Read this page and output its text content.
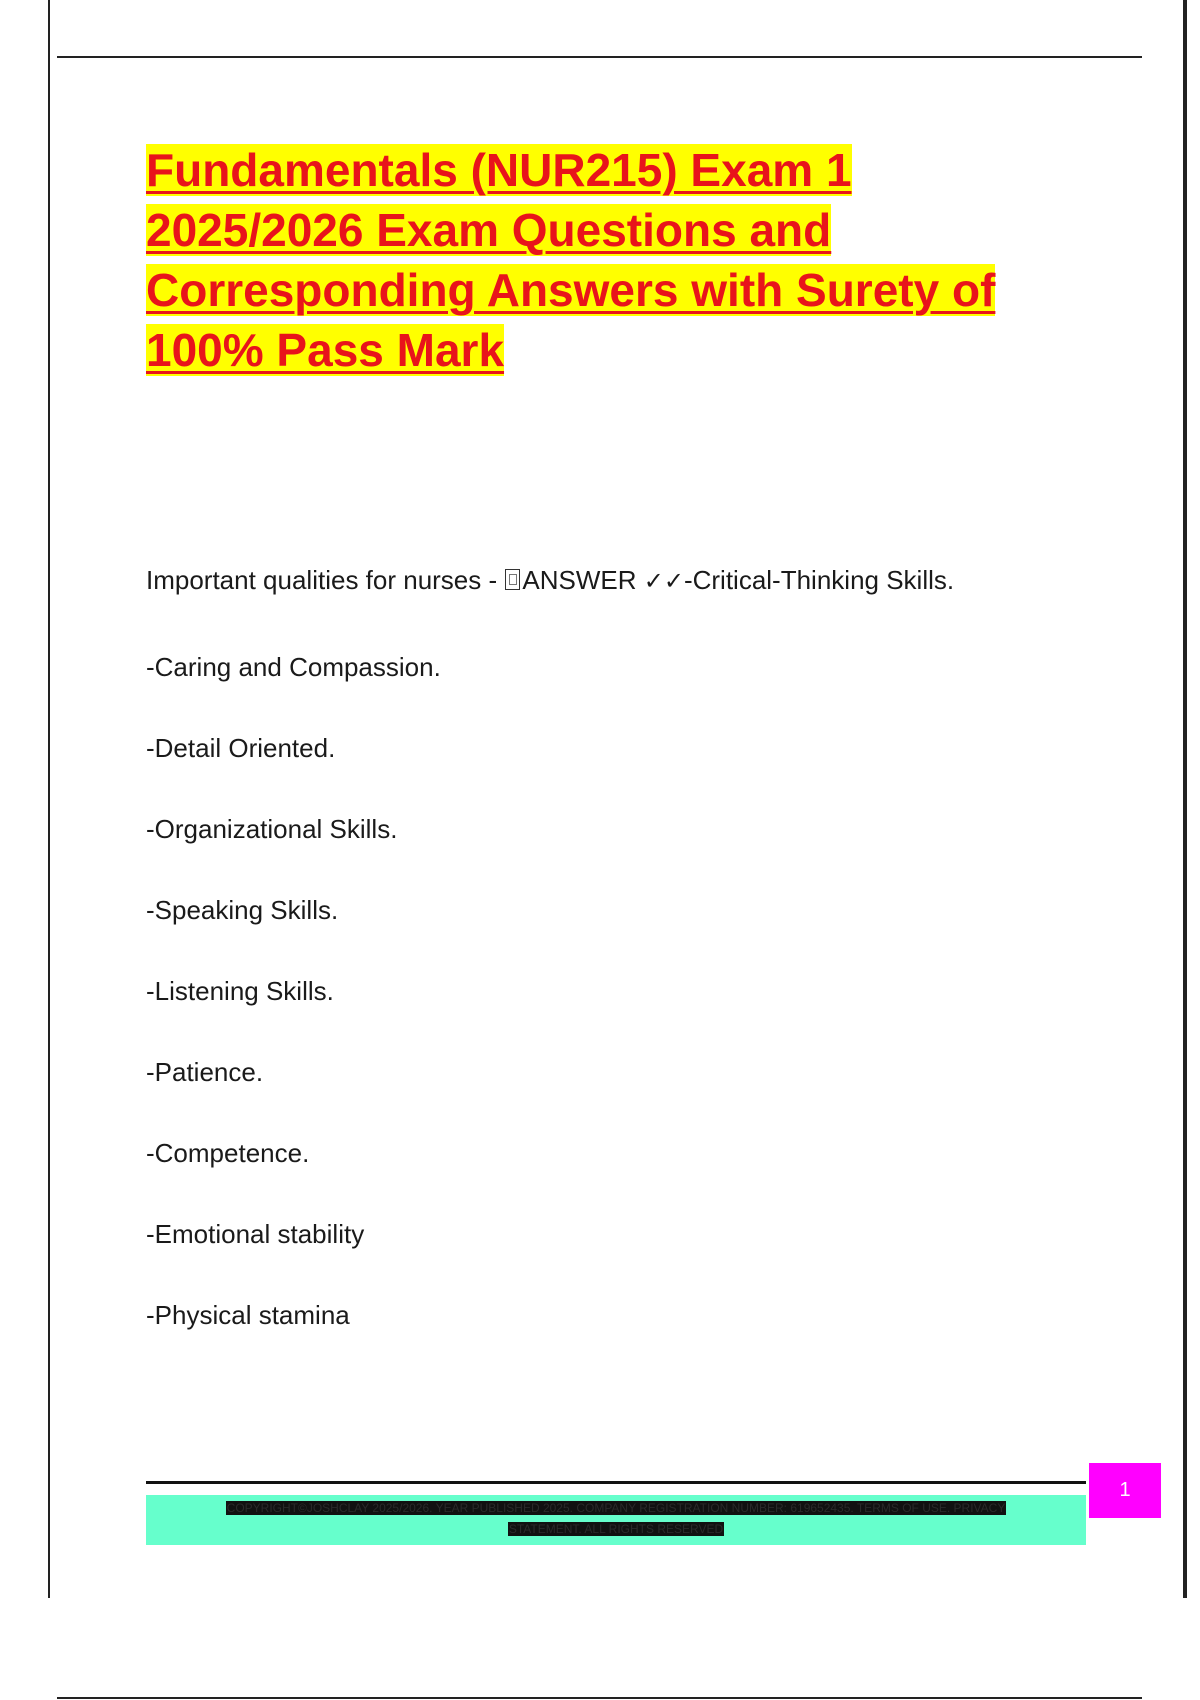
Fundamentals (NUR215) Exam 1
2025/2026 Exam Questions and
Corresponding Answers with Surety of
100% Pass Mark

Important qualities for nurses - ANSWER ✓✓-Critical-Thinking Skills.

-Caring and Compassion.

-Detail Oriented.

-Organizational Skills.

-Speaking Skills.

-Listening Skills.

-Patience.

-Competence.

-Emotional stability

-Physical stamina

COPYRIGHT©JOSHCLAY 2025/2026. YEAR PUBLISHED 2025. COMPANY REGISTRATION NUMBER: 619652435. TERMS OF USE. PRIVACY
STATEMENT. ALL RIGHTS RESERVED
1
